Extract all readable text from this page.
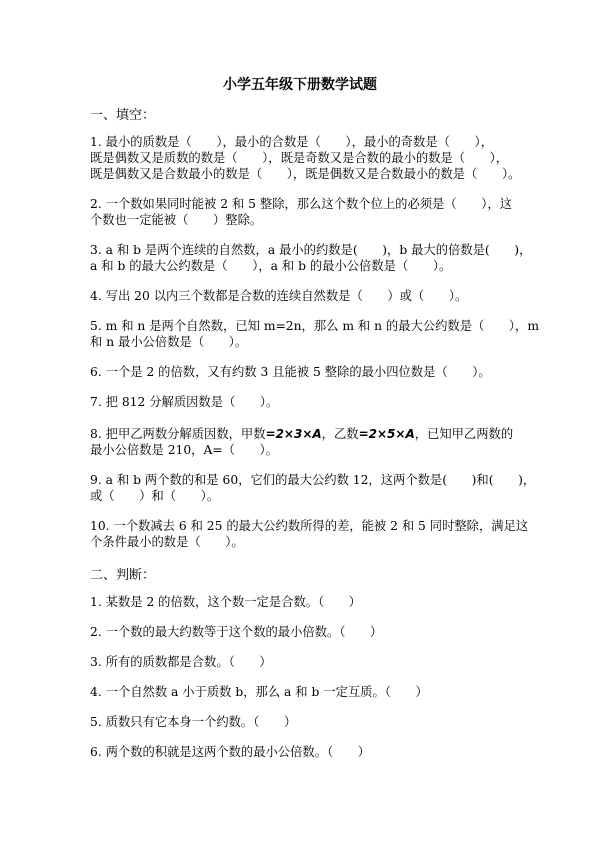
小学五年级下册数学试题
一、填空：
1. 最小的质数是（　　），最小的合数是（　　），最小的奇数是（　　），
既是偶数又是质数的数是（　　），既是奇数又是合数的最小的数是（　　），
既是偶数又是合数最小的数是（　　），既是偶数又是合数最小的数是（　　）。
2. 一个数如果同时能被 2 和 5 整除，那么这个数个位上的必须是（　　），这
个数也一定能被（　　）整除。
3. a 和 b 是两个连续的自然数，a 最小的约数是(　　)，b 最大的倍数是(　　)，
a 和 b 的最大公约数是（　　），a 和 b 的最小公倍数是（　　）。
4. 写出 20 以内三个数都是合数的连续自然数是（　　）或（　　）。
5. m 和 n 是两个自然数，已知 m=2n，那么 m 和 n 的最大公约数是（　　），m
和 n 最小公倍数是（　　）。
6. 一个是 2 的倍数，又有约数 3 且能被 5 整除的最小四位数是（　　）。
7. 把 812 分解质因数是（　　）。
8. 把甲乙两数分解质因数，甲数=2×3×A，乙数=2×5×A，已知甲乙两数的
最小公倍数是 210，A=（　　）。
9. a 和 b 两个数的和是 60，它们的最大公约数 12，这两个数是(　　)和(　　)，
或（　　）和（　　）。
10. 一个数减去 6 和 25 的最大公约数所得的差，能被 2 和 5 同时整除，满足这
个条件最小的数是（　　）。
二、判断：
1. 某数是 2 的倍数，这个数一定是合数。（　　）
2. 一个数的最大约数等于这个数的最小倍数。（　　）
3. 所有的质数都是合数。（　　）
4. 一个自然数 a 小于质数 b，那么 a 和 b 一定互质。（　　）
5. 质数只有它本身一个约数。（　　）
6. 两个数的积就是这两个数的最小公倍数。（　　）
